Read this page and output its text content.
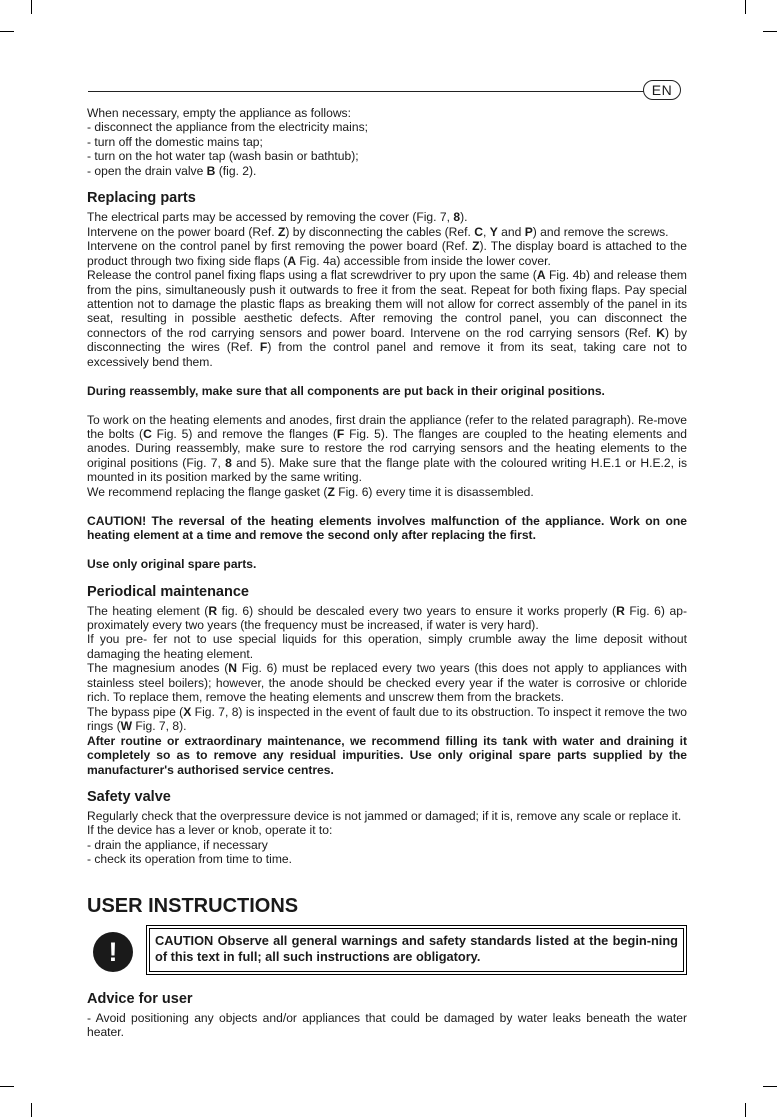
EN

When necessary, empty the appliance as follows:

- disconnect the appliance from the electricity mains;
- turn off the domestic mains tap;
- turn on the hot water tap (wash basin or bathtub);
- open the drain valve B (fig. 2).
Replacing parts

The electrical parts may be accessed by removing the cover (Fig. 7, 8).

Intervene on the power board (Ref. Z) by disconnecting the cables (Ref. C, Y and P) and remove the screws.

Intervene on the control panel by first removing the power board (Ref. Z). The display board is attached to the product through two fixing side flaps (A Fig. 4a) accessible from inside the lower cover.

Release the control panel fixing flaps using a flat screwdriver to pry upon the same (A Fig. 4b) and release them from the pins, simultaneously push it outwards to free it from the seat. Repeat for both fixing flaps. Pay special attention not to damage the plastic flaps as breaking them will not allow for correct assembly of the panel in its seat, resulting in possible aesthetic defects. After removing the control panel, you can disconnect the connectors of the rod carrying sensors and power board. Intervene on the rod carrying sensors (Ref. K) by disconnecting the wires (Ref. F) from the control panel and remove it from its seat, taking care not to excessively bend them.

During reassembly, make sure that all components are put back in their original positions.

To work on the heating elements and anodes, first drain the appliance (refer to the related paragraph). Re-move the bolts (C Fig. 5) and remove the flanges (F Fig. 5). The flanges are coupled to the heating elements and anodes. During reassembly, make sure to restore the rod carrying sensors and the heating elements to the original positions (Fig. 7, 8 and 5). Make sure that the flange plate with the coloured writing H.E.1 or H.E.2, is mounted in its position marked by the same writing.

We recommend replacing the flange gasket (Z Fig. 6) every time it is disassembled.

CAUTION! The reversal of the heating elements involves malfunction of the appliance. Work on one heating element at a time and remove the second only after replacing the first.

Use only original spare parts.

Periodical maintenance

The heating element (R fig. 6) should be descaled every two years to ensure it works properly (R Fig. 6) ap-proximately every two years (the frequency must be increased, if water is very hard).

If you pre- fer not to use special liquids for this operation, simply crumble away the lime deposit without damaging the heating element.

The magnesium anodes (N Fig. 6) must be replaced every two years (this does not apply to appliances with stainless steel boilers); however, the anode should be checked every year if the water is corrosive or chloride rich. To replace them, remove the heating elements and unscrew them from the brackets.

The bypass pipe (X Fig. 7, 8) is inspected in the event of fault due to its obstruction. To inspect it remove the two rings (W Fig. 7, 8).

After routine or extraordinary maintenance, we recommend filling its tank with water and draining it completely so as to remove any residual impurities. Use only original spare parts supplied by the manufacturer's authorised service centres.

Safety valve

Regularly check that the overpressure device is not jammed or damaged; if it is, remove any scale or replace it.

If the device has a lever or knob, operate it to:

- drain the appliance, if necessary
- check its operation from time to time.
USER INSTRUCTIONS
!	CAUTION Observe all general warnings and safety standards listed at the begin-ning of this text in full; all such instructions are obligatory.
Advice for user

- Avoid positioning any objects and/or appliances that could be damaged by water leaks beneath the water heater.
